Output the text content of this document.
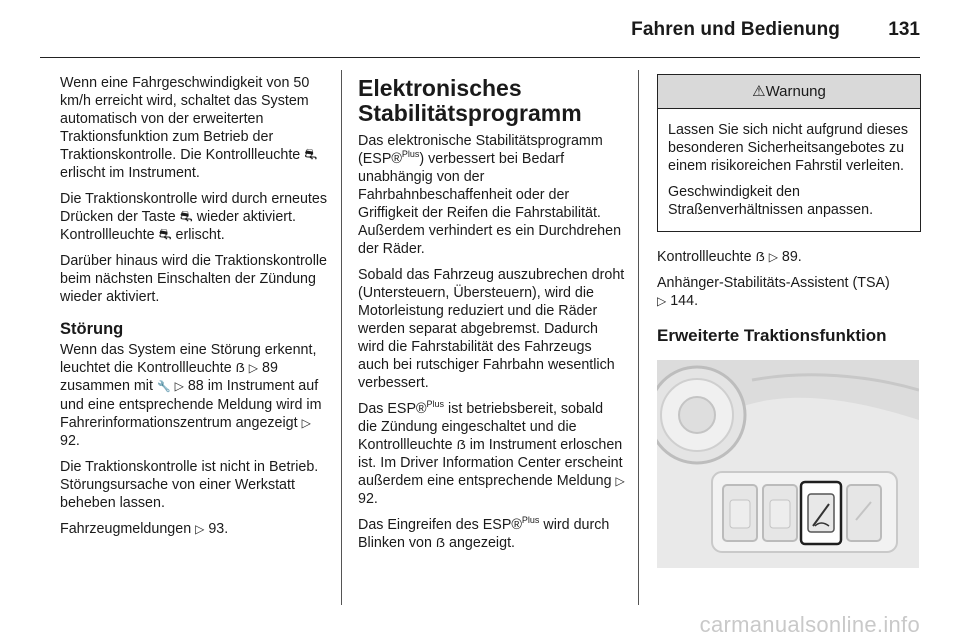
Fahren und Bedienung	131

Wenn eine Fahrgeschwindigkeit von 50 km/h erreicht wird, schaltet das System automatisch von der erweiterten Traktionsfunktion zum Betrieb der Traktionskontrolle. Die Kontrollleuchte ⛐ erlischt im Instrument.

Die Traktionskontrolle wird durch erneutes Drücken der Taste ⛐ wieder aktiviert. Kontrollleuchte ⛐ erlischt.

Darüber hinaus wird die Traktionskontrolle beim nächsten Einschalten der Zündung wieder aktiviert.

Störung

Wenn das System eine Störung erkennt, leuchtet die Kontrollleuchte ẞ ▷ 89 zusammen mit 🔧 ▷ 88 im Instrument auf und eine entsprechende Meldung wird im Fahrerinformationszentrum angezeigt ▷ 92.

Die Traktionskontrolle ist nicht in Betrieb. Störungsursache von einer Werkstatt beheben lassen.

Fahrzeugmeldungen ▷ 93.

Elektronisches Stabilitätsprogramm

Das elektronische Stabilitätsprogramm (ESP®$^{Plus}$) verbessert bei Bedarf unabhängig von der Fahrbahnbeschaffenheit oder der Griffigkeit der Reifen die Fahrstabilität. Außerdem verhindert es ein Durchdrehen der Räder.

Sobald das Fahrzeug auszubrechen droht (Untersteuern, Übersteuern), wird die Motorleistung reduziert und die Räder werden separat abgebremst. Dadurch wird die Fahrstabilität des Fahrzeugs auch bei rutschiger Fahrbahn wesentlich verbessert.

Das ESP®$^{Plus}$ ist betriebsbereit, sobald die Zündung eingeschaltet und die Kontrollleuchte ẞ im Instrument erloschen ist. Im Driver Information Center erscheint außerdem eine entsprechende Meldung ▷ 92.

Das Eingreifen des ESP®$^{Plus}$ wird durch Blinken von ẞ angezeigt.

⚠Warnung

Lassen Sie sich nicht aufgrund dieses besonderen Sicherheitsangebotes zu einem risikoreichen Fahrstil verleiten.

Geschwindigkeit den Straßenverhältnissen anpassen.

Kontrollleuchte ẞ ▷ 89.

Anhänger-Stabilitäts-Assistent (TSA)
▷ 144.

Erweiterte Traktionsfunktion
carmanualsonline.info
